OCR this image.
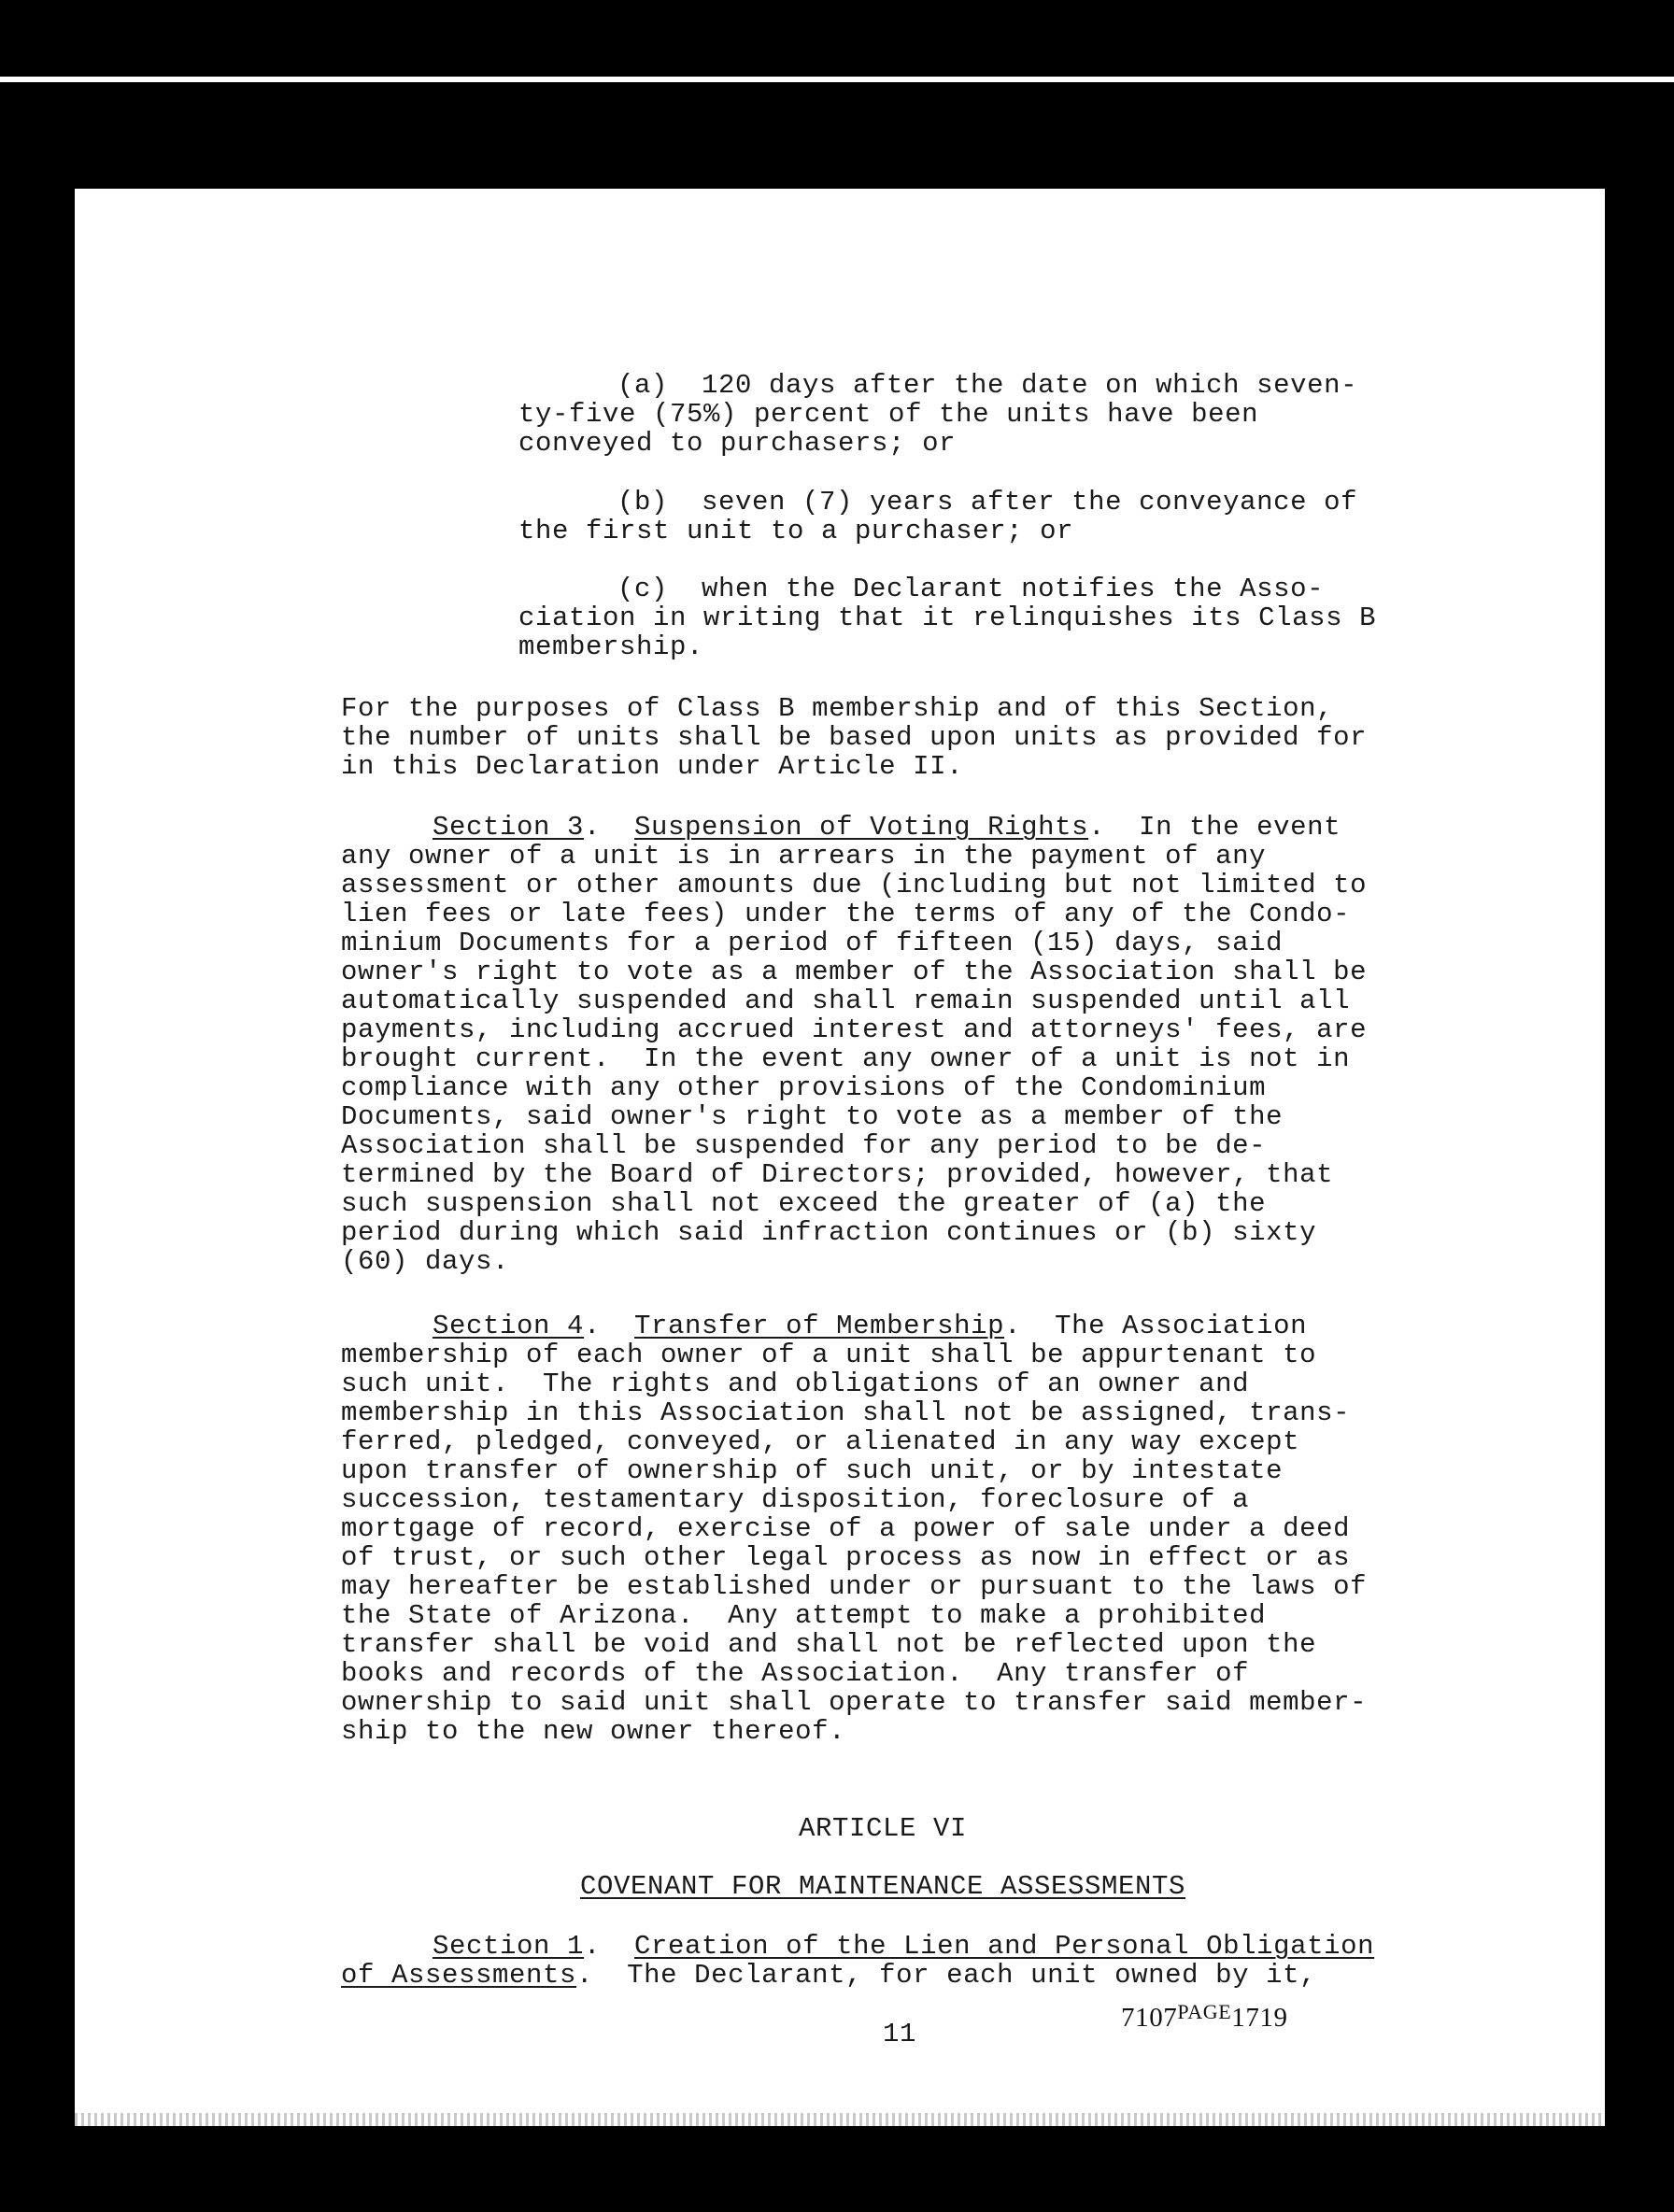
(a)  120 days after the date on which seven-

ty-five (75%) percent of the units have been

conveyed to purchasers; or

(b)  seven (7) years after the conveyance of

the first unit to a purchaser; or

(c)  when the Declarant notifies the Asso-

ciation in writing that it relinquishes its Class B

membership.

For the purposes of Class B membership and of this Section,

the number of units shall be based upon units as provided for

in this Declaration under Article II.

Section 3.  Suspension of Voting Rights.  In the event

any owner of a unit is in arrears in the payment of any

assessment or other amounts due (including but not limited to

lien fees or late fees) under the terms of any of the Condo-

minium Documents for a period of fifteen (15) days, said

owner's right to vote as a member of the Association shall be

automatically suspended and shall remain suspended until all

payments, including accrued interest and attorneys' fees, are

brought current.  In the event any owner of a unit is not in

compliance with any other provisions of the Condominium

Documents, said owner's right to vote as a member of the

Association shall be suspended for any period to be de-

termined by the Board of Directors; provided, however, that

such suspension shall not exceed the greater of (a) the

period during which said infraction continues or (b) sixty

(60) days.

Section 4.  Transfer of Membership.  The Association

membership of each owner of a unit shall be appurtenant to

such unit.  The rights and obligations of an owner and

membership in this Association shall not be assigned, trans-

ferred, pledged, conveyed, or alienated in any way except

upon transfer of ownership of such unit, or by intestate

succession, testamentary disposition, foreclosure of a

mortgage of record, exercise of a power of sale under a deed

of trust, or such other legal process as now in effect or as

may hereafter be established under or pursuant to the laws of

the State of Arizona.  Any attempt to make a prohibited

transfer shall be void and shall not be reflected upon the

books and records of the Association.  Any transfer of

ownership to said unit shall operate to transfer said member-

ship to the new owner thereof.

ARTICLE VI

COVENANT FOR MAINTENANCE ASSESSMENTS

Section 1.  Creation of the Lien and Personal Obligation

of Assessments.  The Declarant, for each unit owned by it,

11

$7107^{PAGE}1719$
